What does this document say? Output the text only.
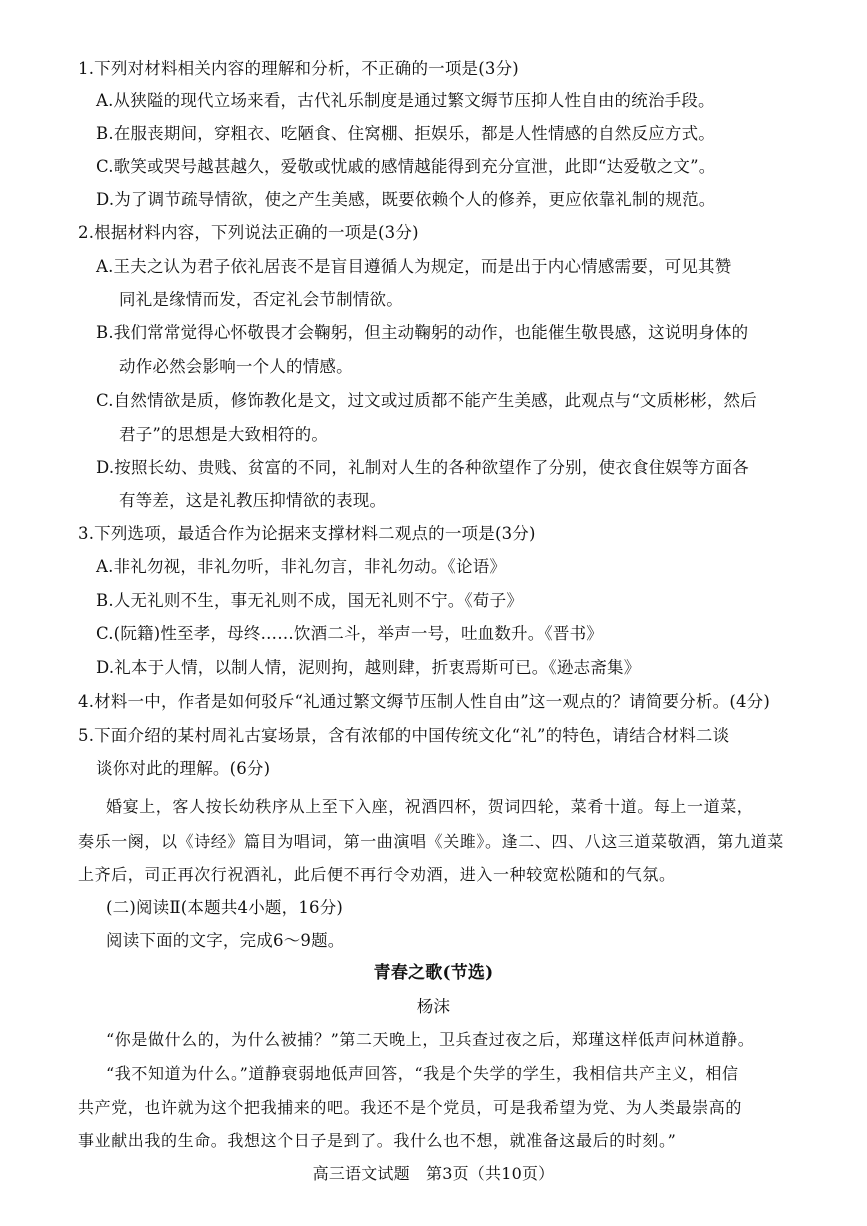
1.下列对材料相关内容的理解和分析，不正确的一项是(3分)
A.从狭隘的现代立场来看，古代礼乐制度是通过繁文缛节压抑人性自由的统治手段。
B.在服丧期间，穿粗衣、吃陋食、住窝棚、拒娱乐，都是人性情感的自然反应方式。
C.歌笑或哭号越甚越久，爱敬或忧戚的感情越能得到充分宣泄，此即“达爱敬之文”。
D.为了调节疏导情欲，使之产生美感，既要依赖个人的修养，更应依靠礼制的规范。
2.根据材料内容，下列说法正确的一项是(3分)
A.王夫之认为君子依礼居丧不是盲目遵循人为规定，而是出于内心情感需要，可见其赞
同礼是缘情而发，否定礼会节制情欲。
B.我们常常觉得心怀敬畏才会鞠躬，但主动鞠躬的动作，也能催生敬畏感，这说明身体的
动作必然会影响一个人的情感。
C.自然情欲是质，修饰教化是文，过文或过质都不能产生美感，此观点与“文质彬彬，然后
君子”的思想是大致相符的。
D.按照长幼、贵贱、贫富的不同，礼制对人生的各种欲望作了分别，使衣食住娱等方面各
有等差，这是礼教压抑情欲的表现。
3.下列选项，最适合作为论据来支撑材料二观点的一项是(3分)
A.非礼勿视，非礼勿听，非礼勿言，非礼勿动。《论语》
B.人无礼则不生，事无礼则不成，国无礼则不宁。《荀子》
C.(阮籍)性至孝，母终……饮酒二斗，举声一号，吐血数升。《晋书》
D.礼本于人情，以制人情，泥则拘，越则肆，折衷焉斯可已。《逊志斋集》
4.材料一中，作者是如何驳斥“礼通过繁文缛节压制人性自由”这一观点的？请简要分析。(4分)
5.下面介绍的某村周礼古宴场景，含有浓郁的中国传统文化“礼”的特色，请结合材料二谈
谈你对此的理解。(6分)
婚宴上，客人按长幼秩序从上至下入座，祝酒四杯，贺词四轮，菜肴十道。每上一道菜，
奏乐一阕，以《诗经》篇目为唱词，第一曲演唱《关雎》。逢二、四、八这三道菜敬酒，第九道菜
上齐后，司正再次行祝酒礼，此后便不再行令劝酒，进入一种较宽松随和的气氛。
(二)阅读Ⅱ(本题共4小题，16分)
阅读下面的文字，完成6～9题。
青春之歌(节选)
杨沫
“你是做什么的，为什么被捕？”第二天晚上，卫兵查过夜之后，郑瑾这样低声问林道静。
“我不知道为什么。”道静衰弱地低声回答，“我是个失学的学生，我相信共产主义，相信
共产党，也许就为这个把我捕来的吧。我还不是个党员，可是我希望为党、为人类最崇高的
事业献出我的生命。我想这个日子是到了。我什么也不想，就准备这最后的时刻。”
高三语文试题　第3页（共10页）
